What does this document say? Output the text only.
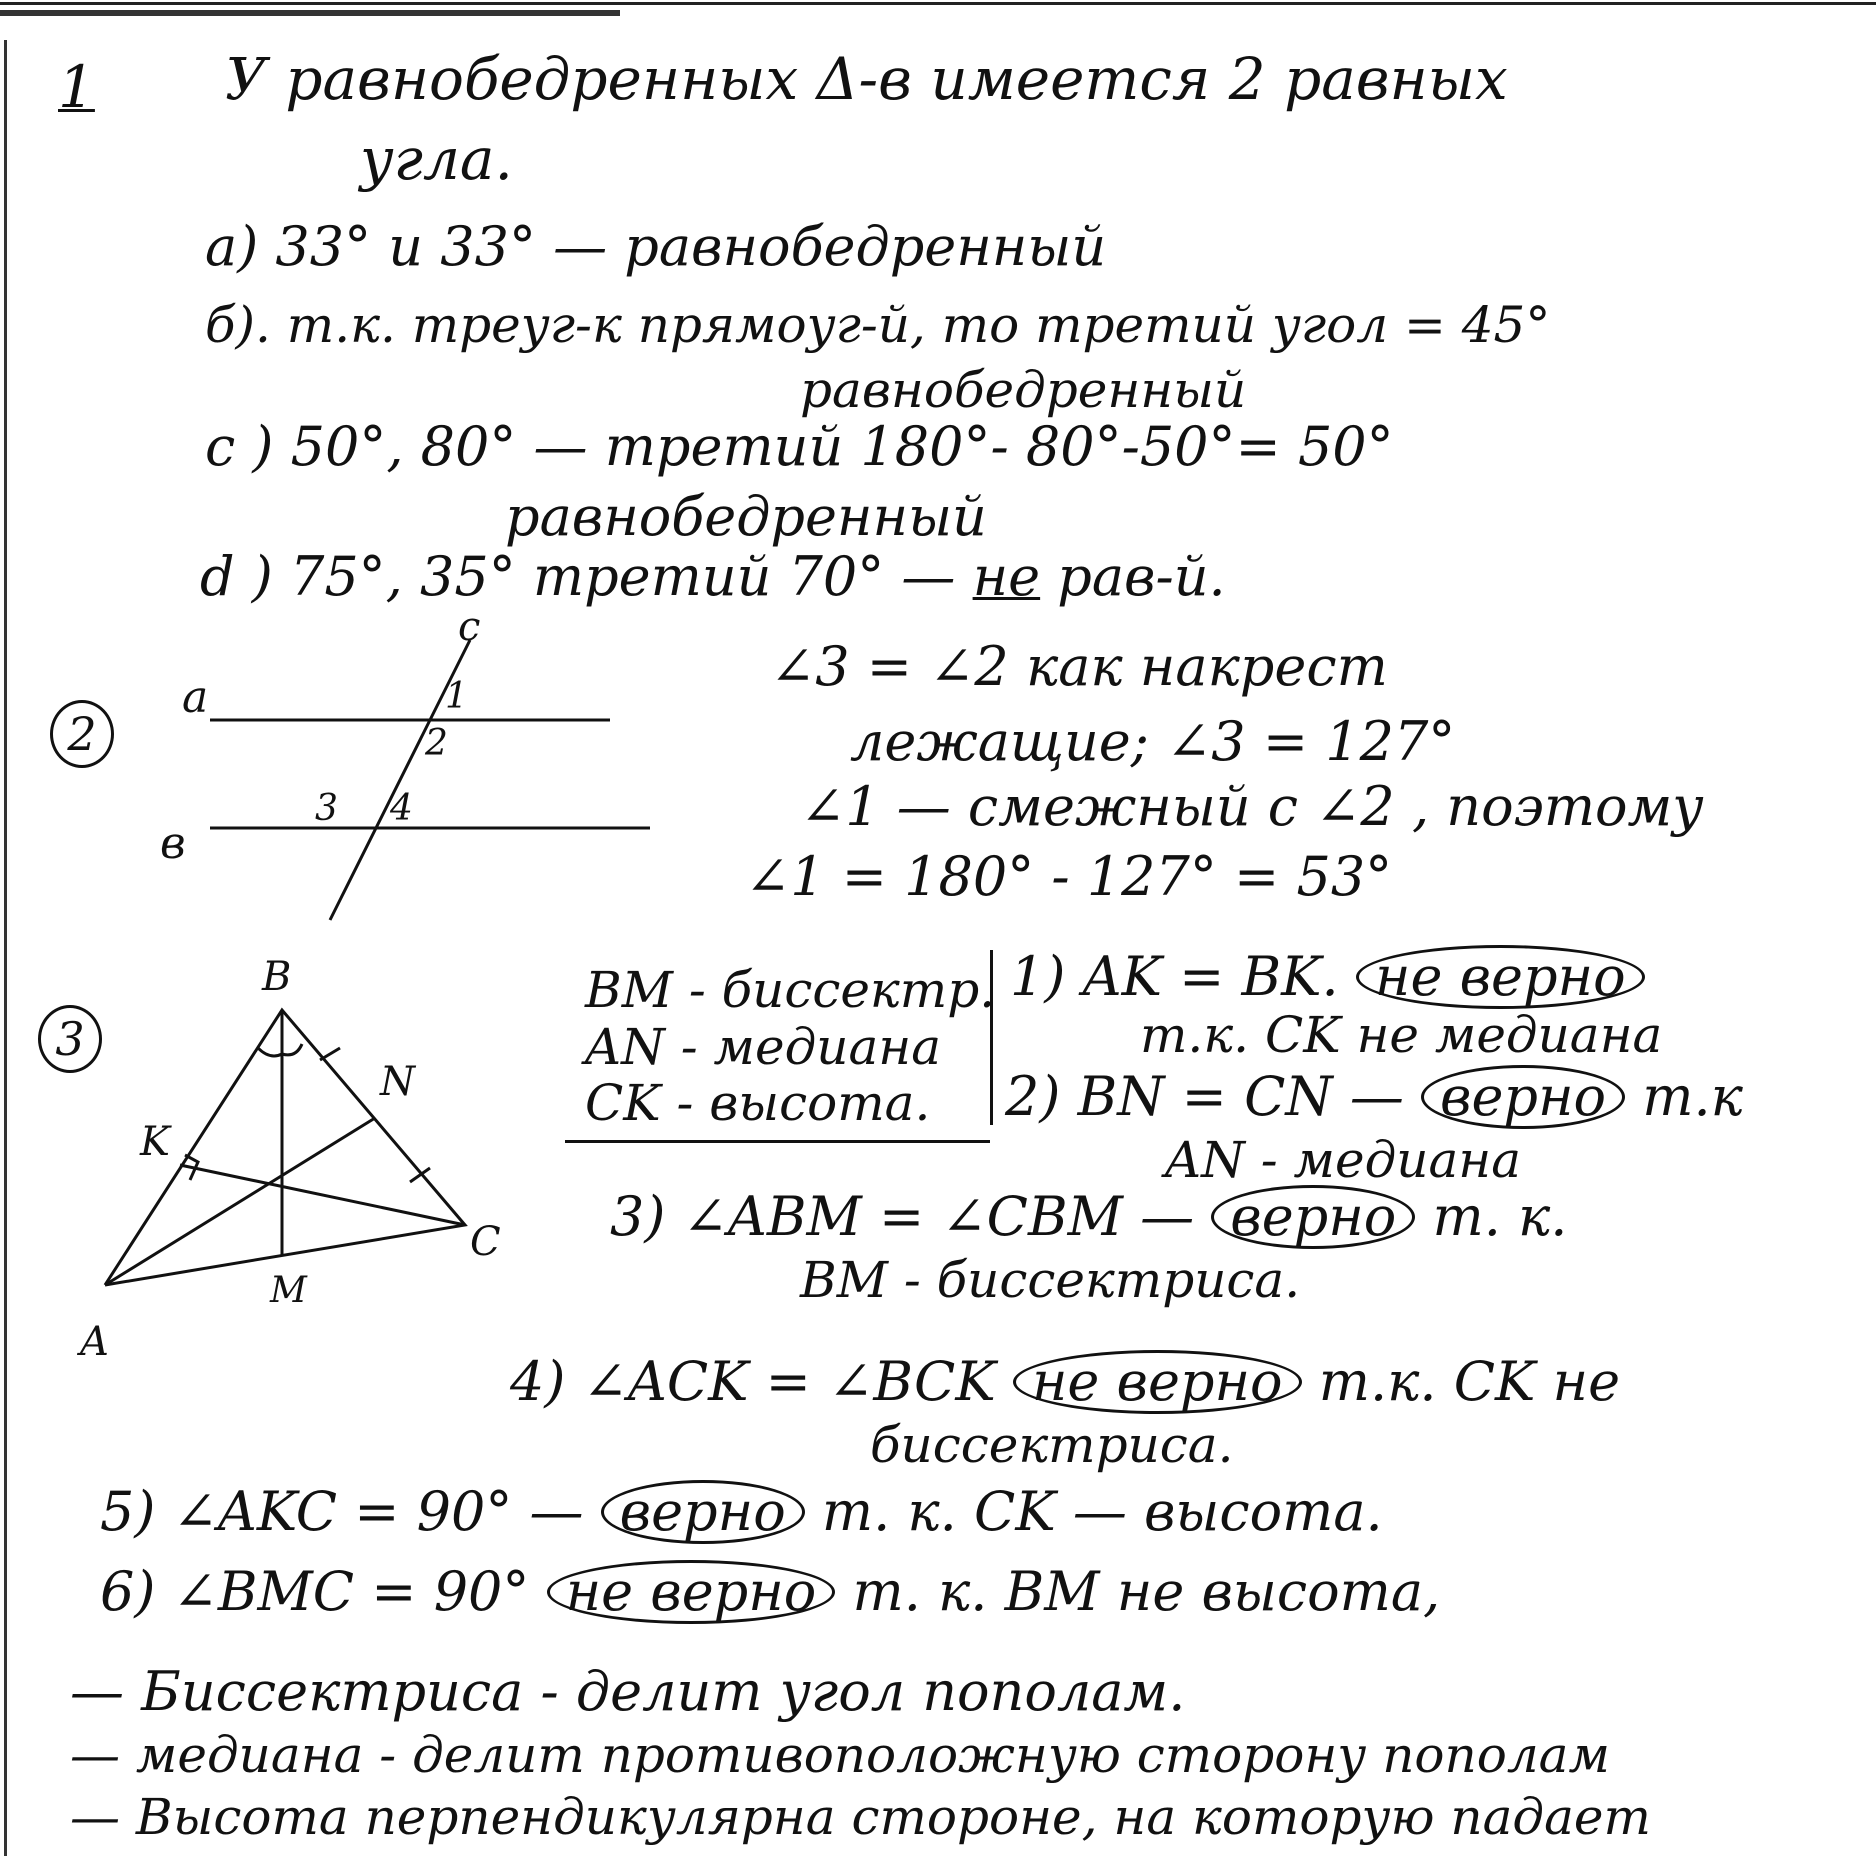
1 У равнобедренных Δ-в имеется 2 равных
угла.
а) 33° и 33° — равнобедренный
б). т.к. треуг-к прямоуг-й, то третий угол = 45°
равнобедренный
с ) 50°, 80° — третий 180°- 80°-50°= 50°
равнобедренный
d ) 75°, 35° третий 70° — не рав-й.
2
a
в
c
1
2
3 4
∠3 = ∠2 как накрест
лежащие; ∠3 = 127°
∠1 — смежный с ∠2 , поэтому
∠1 = 180° - 127° = 53°
3
B
A
C
K
M
N
BM - биссектр.
AN - медиана
CK - высота.
1) AK = BK. не верно
т.к. CK не медиана
2) BN = CN — верно т.к
AN - медиана
3) ∠ABM = ∠CBM — верно т. к.
BM - биссектриса.
4) ∠ACK = ∠BCK не верно т.к. CK не
биссектриса.
5) ∠AKC = 90° — верно т. к. CK — высота.
6) ∠BMC = 90° не верно т. к. BM не высота,
— Биссектриса - делит угол пополам.
— медиана - делит противоположную сторону пополам
— Высота перпендикулярна стороне, на которую падает
